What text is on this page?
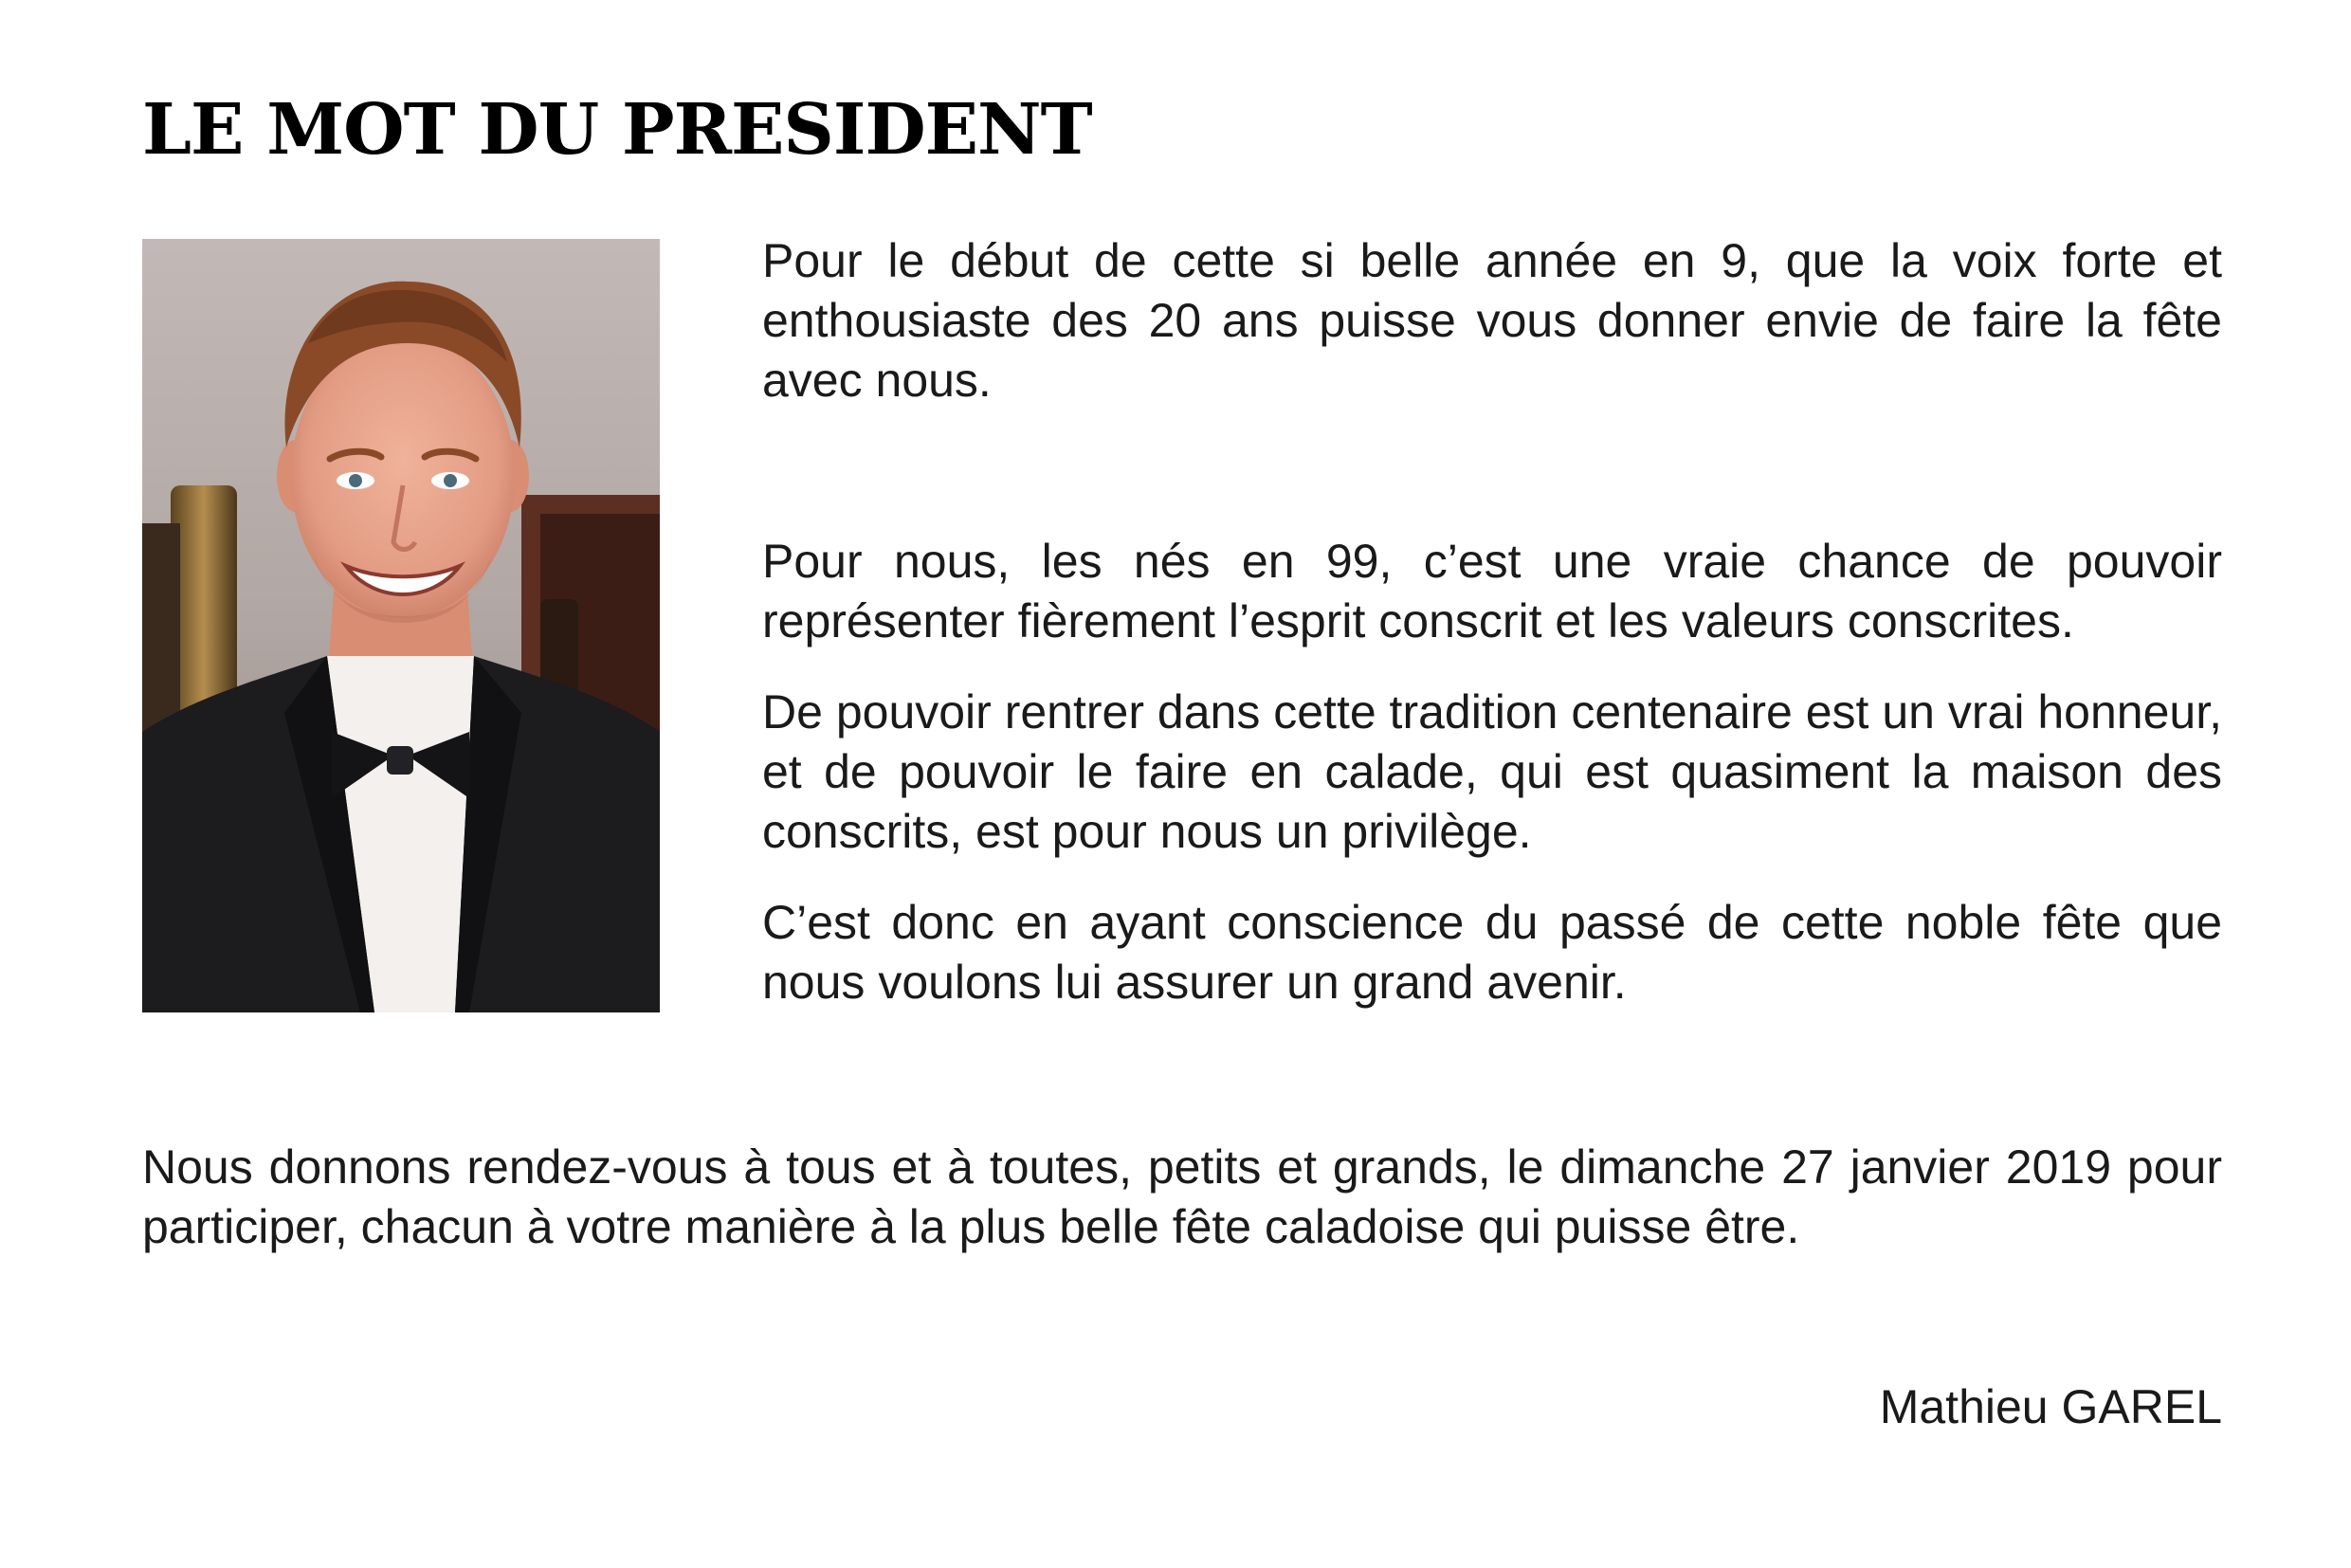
LE MOT DU PRESIDENT

Pour le début de cette si belle année en 9, que la voix forte et enthousiaste des 20 ans puisse vous donner envie de faire la fête avec nous.

Pour nous, les nés en 99, c’est une vraie chance de pouvoir représenter fièrement l’esprit conscrit et les valeurs conscrites.

De pouvoir rentrer dans cette tradition centenaire est un vrai honneur, et de pouvoir le faire en calade, qui est quasiment la maison des conscrits, est pour nous un privilège.

C’est donc en ayant conscience du passé de cette noble fête que nous voulons lui assurer un grand avenir.

Nous donnons rendez-vous à tous et à toutes, petits et grands, le dimanche 27 janvier 2019 pour participer, chacun à votre manière à la plus belle fête caladoise qui puisse être.

Mathieu GAREL
